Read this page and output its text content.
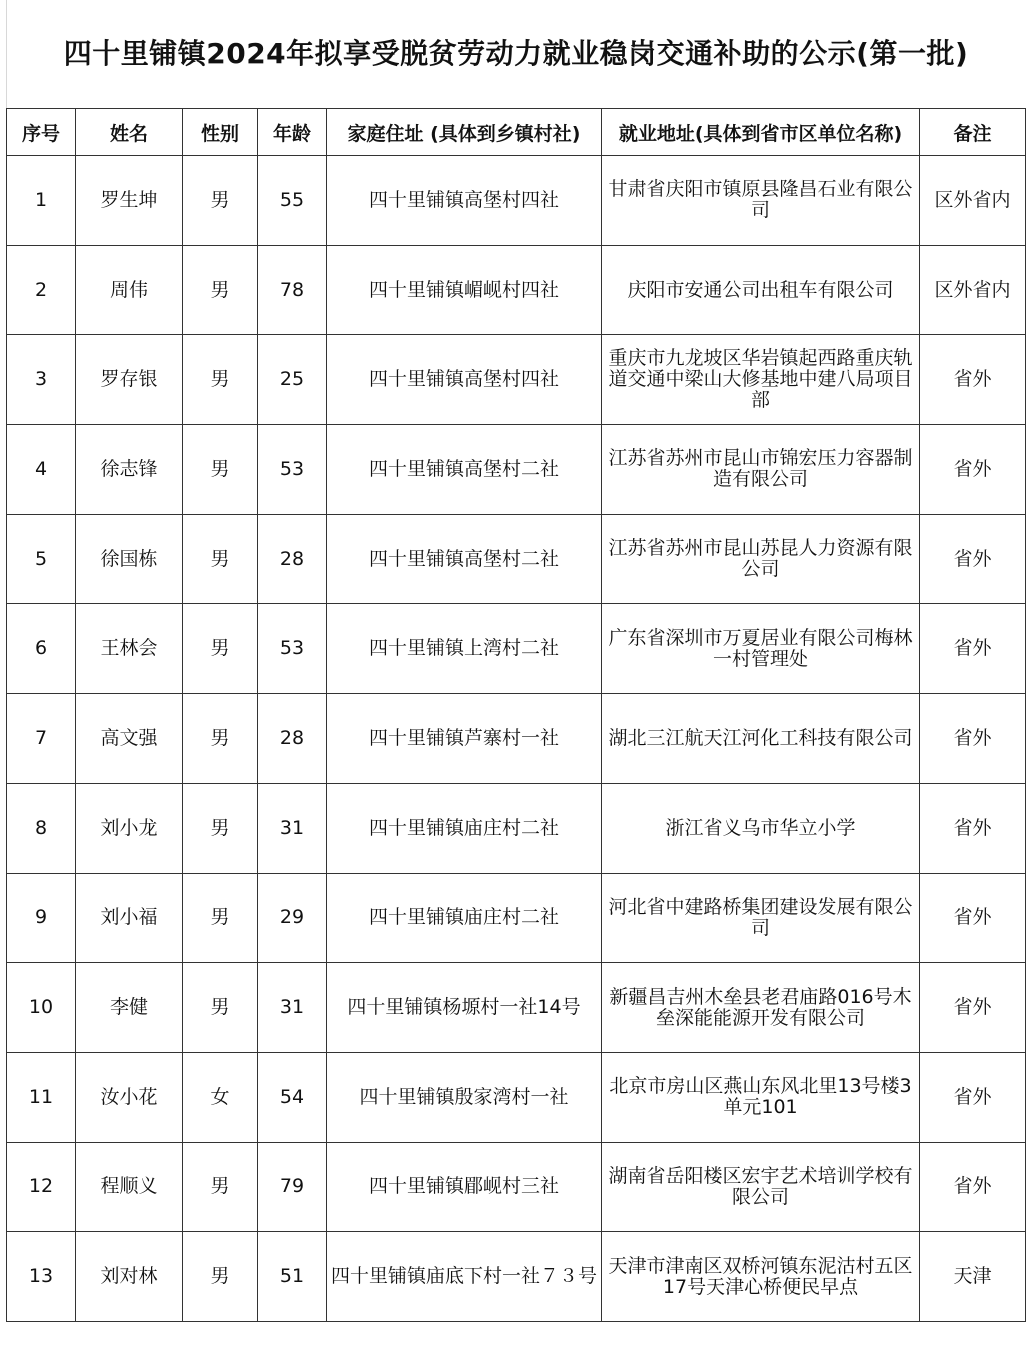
四十里铺镇2024年拟享受脱贫劳动力就业稳岗交通补助的公示(第一批)
序号	姓名	性别	年龄	家庭住址 (具体到乡镇村社)	就业地址(具体到省市区单位名称)	备注
1	罗生坤	男	55	四十里铺镇高堡村四社	甘肃省庆阳市镇原县隆昌石业有限公司	区外省内
2	周伟	男	78	四十里铺镇嵋岘村四社	庆阳市安通公司出租车有限公司	区外省内
3	罗存银	男	25	四十里铺镇高堡村四社	重庆市九龙坡区华岩镇起西路重庆轨道交通中梁山大修基地中建八局项目部	省外
4	徐志锋	男	53	四十里铺镇高堡村二社	江苏省苏州市昆山市锦宏压力容器制造有限公司	省外
5	徐国栋	男	28	四十里铺镇高堡村二社	江苏省苏州市昆山苏昆人力资源有限公司	省外
6	王林会	男	53	四十里铺镇上湾村二社	广东省深圳市万夏居业有限公司梅林一村管理处	省外
7	高文强	男	28	四十里铺镇芦寨村一社	湖北三江航天江河化工科技有限公司	省外
8	刘小龙	男	31	四十里铺镇庙庄村二社	浙江省义乌市华立小学	省外
9	刘小福	男	29	四十里铺镇庙庄村二社	河北省中建路桥集团建设发展有限公司	省外
10	李健	男	31	四十里铺镇杨塬村一社14号	新疆昌吉州木垒县老君庙路016号木垒深能能源开发有限公司	省外
11	汝小花	女	54	四十里铺镇殷家湾村一社	北京市房山区燕山东风北里13号楼3单元101	省外
12	程顺义	男	79	四十里铺镇郿岘村三社	湖南省岳阳楼区宏宇艺术培训学校有限公司	省外
13	刘对林	男	51	四十里铺镇庙底下村一社７３号	天津市津南区双桥河镇东泥沽村五区17号天津心桥便民早点	天津
